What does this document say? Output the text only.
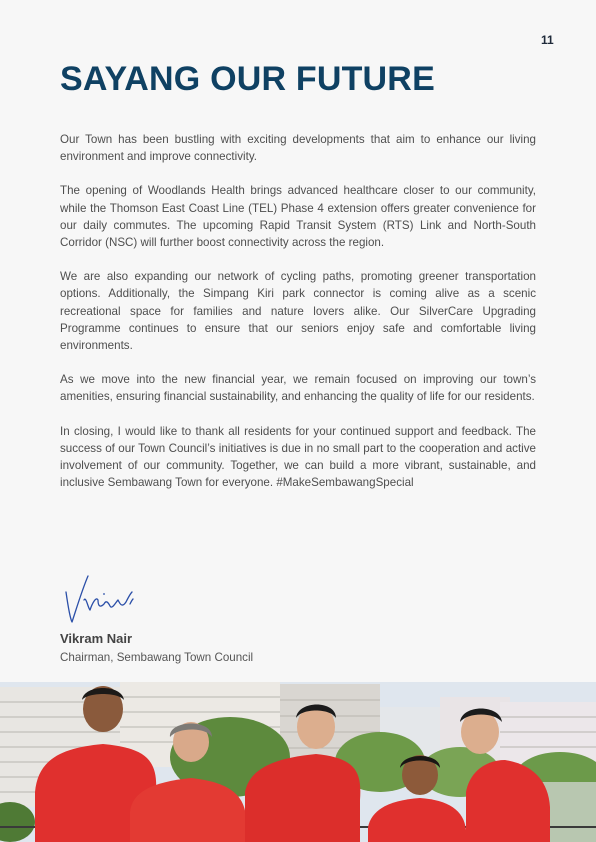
11
SAYANG OUR FUTURE

Our Town has been bustling with exciting developments that aim to enhance our living environment and improve connectivity.

The opening of Woodlands Health brings advanced healthcare closer to our community, while the Thomson East Coast Line (TEL) Phase 4 extension offers greater convenience for our daily commutes. The upcoming Rapid Transit System (RTS) Link and North-South Corridor (NSC) will further boost connectivity across the region.

We are also expanding our network of cycling paths, promoting greener transportation options. Additionally, the Simpang Kiri park connector is coming alive as a scenic recreational space for families and nature lovers alike. Our SilverCare Upgrading Programme continues to ensure that our seniors enjoy safe and comfortable living environments.

As we move into the new financial year, we remain focused on improving our town’s amenities, ensuring financial sustainability, and enhancing the quality of life for our residents.

In closing, I would like to thank all residents for your continued support and feedback. The success of our Town Council’s initiatives is due in no small part to the cooperation and active involvement of our community. Together, we can build a more vibrant, sustainable, and inclusive Sembawang Town for everyone. #MakeSembawangSpecial

Vikram Nair
Chairman, Sembawang Town Council
